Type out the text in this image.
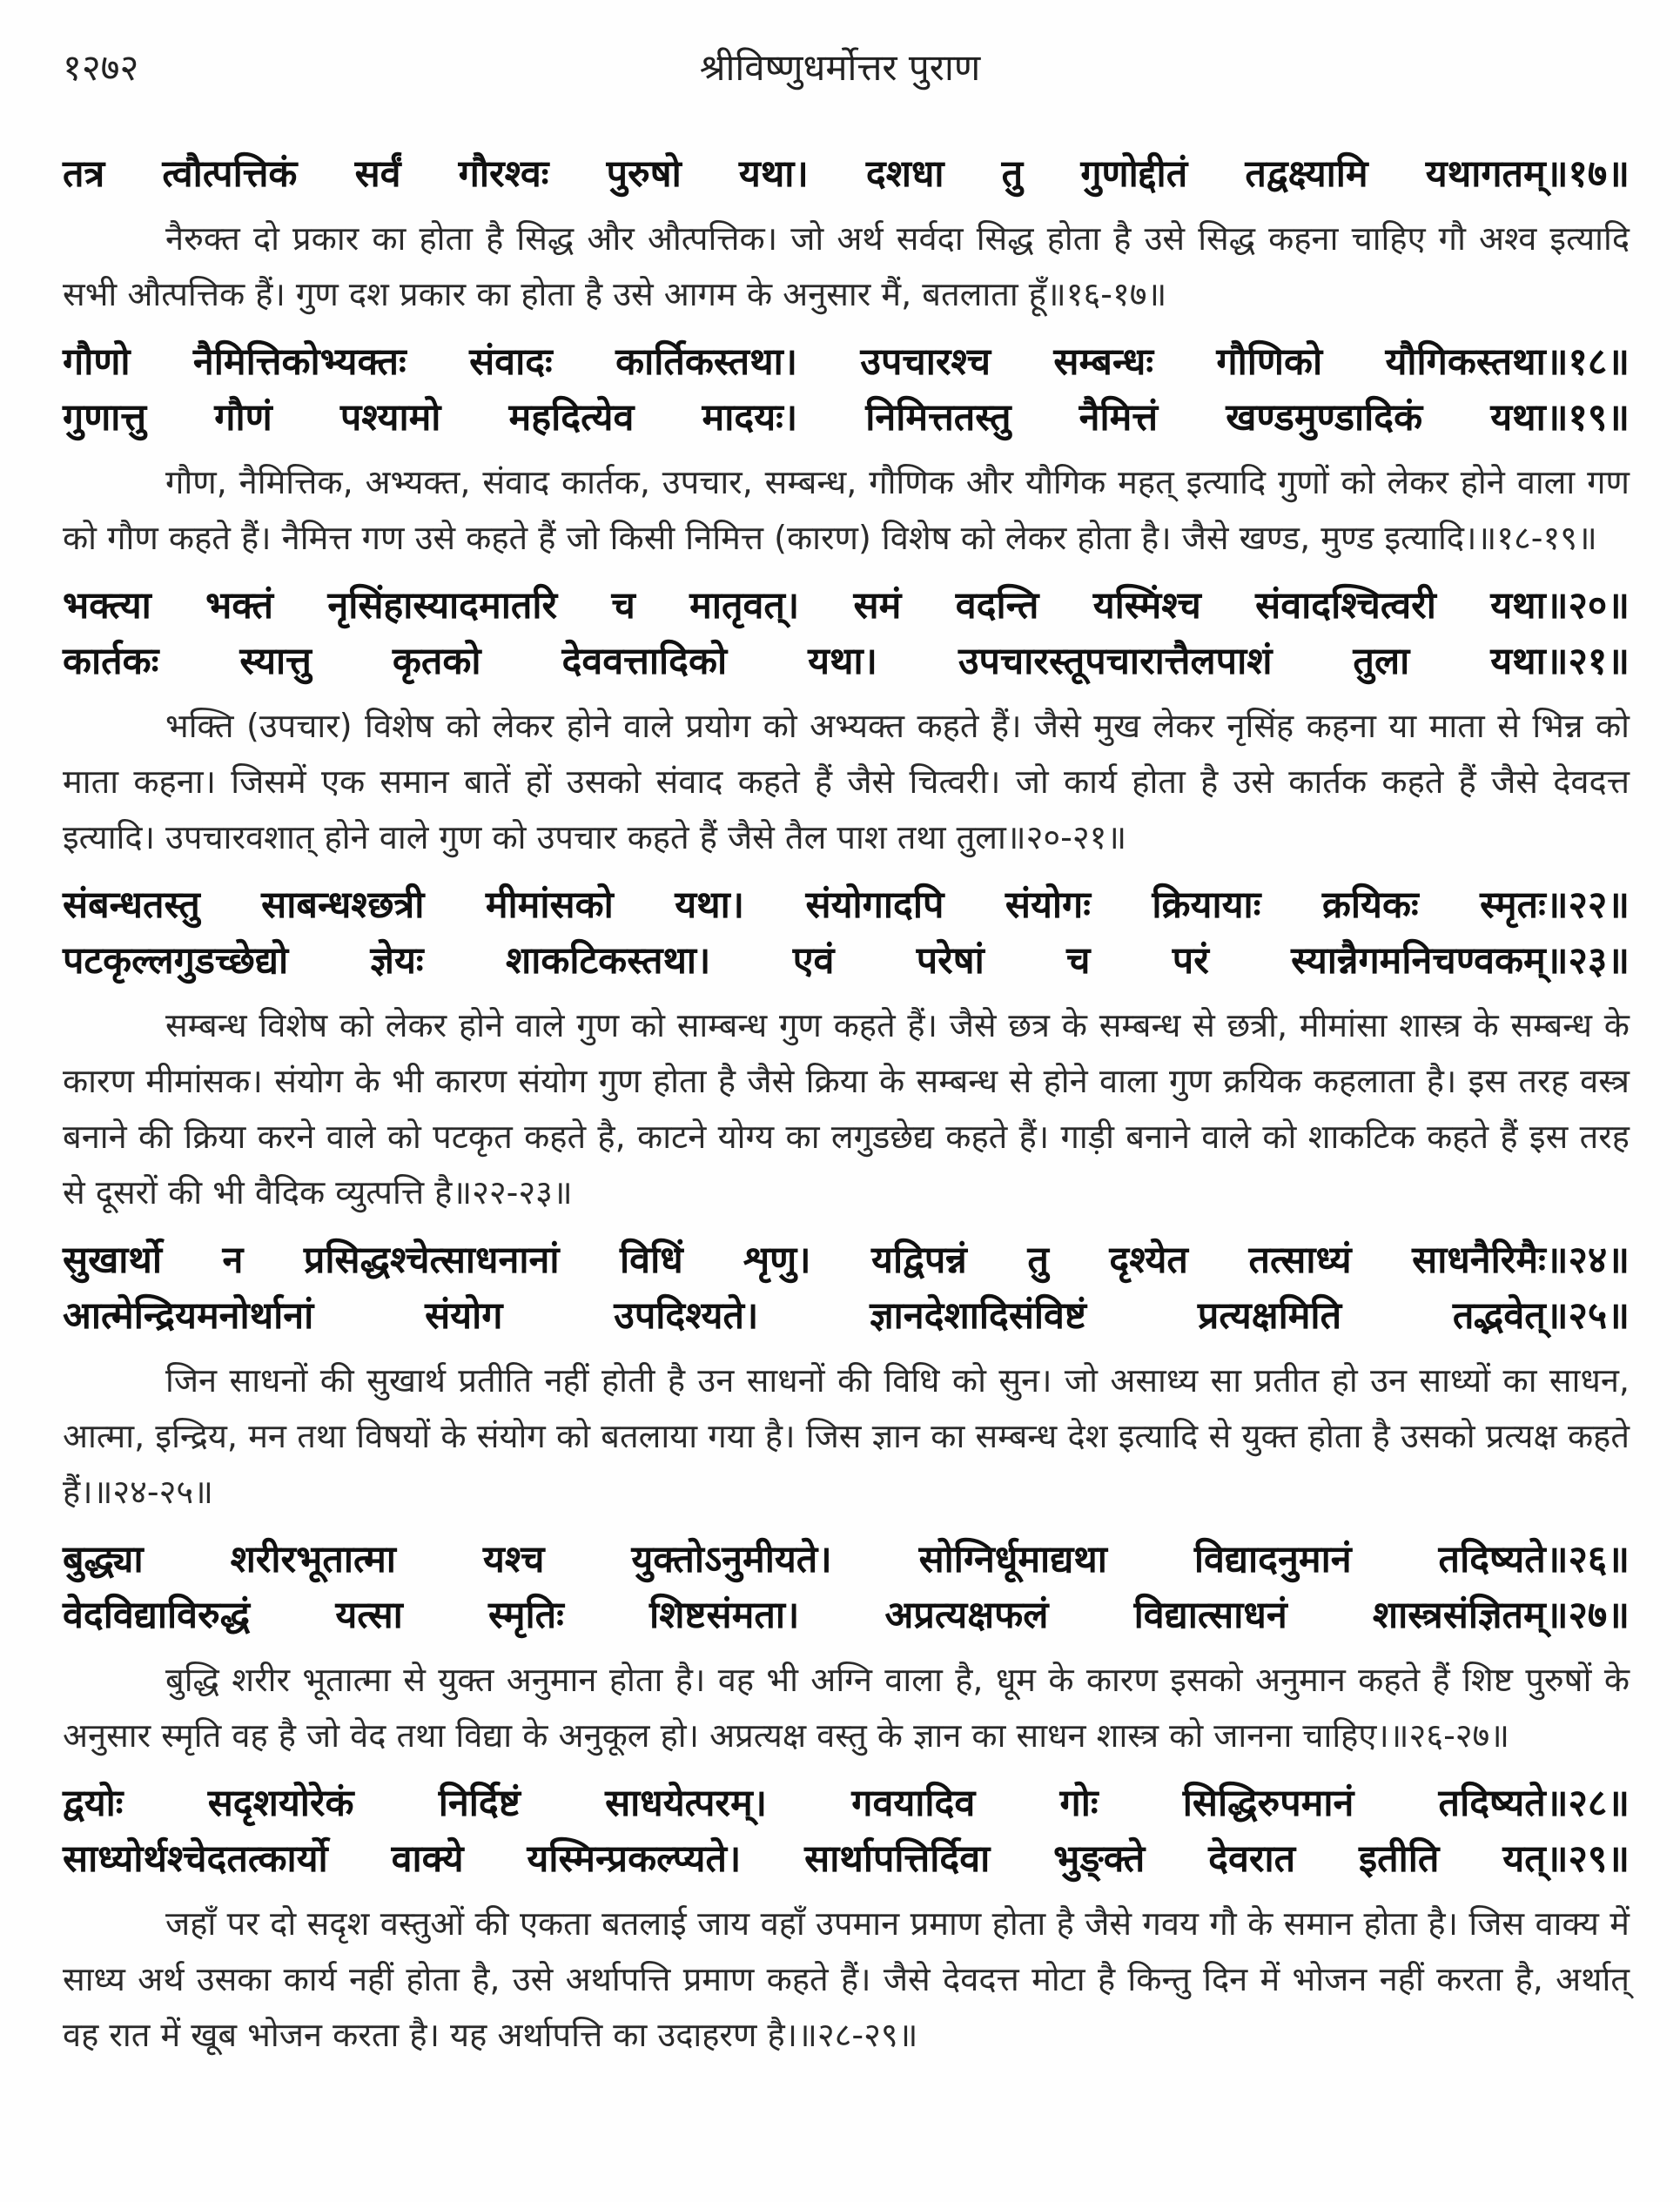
१२७२	श्रीविष्णुधर्मोत्तर पुराण

तत्र त्वौत्पत्तिकं सर्वं गौरश्वः पुरुषो यथा। दशधा तु गुणोद्दीतं तद्वक्ष्यामि यथागतम्॥१७॥

नैरुक्त दो प्रकार का होता है सिद्ध और औत्पत्तिक। जो अर्थ सर्वदा सिद्ध होता है उसे सिद्ध कहना चाहिए गौ अश्व इत्यादि सभी औत्पत्तिक हैं। गुण दश प्रकार का होता है उसे आगम के अनुसार मैं, बतलाता हूँ॥१६-१७॥

गौणो नैमित्तिकोभ्यक्तः संवादः कार्तिकस्तथा। उपचारश्च सम्बन्धः गौणिको यौगिकस्तथा॥१८॥

गुणात्तु गौणं पश्यामो महदित्येव मादयः। निमित्ततस्तु नैमित्तं खण्डमुण्डादिकं यथा॥१९॥

गौण, नैमित्तिक, अभ्यक्त, संवाद कार्तक, उपचार, सम्बन्ध, गौणिक और यौगिक महत् इत्यादि गुणों को लेकर होने वाला गण को गौण कहते हैं। नैमित्त गण उसे कहते हैं जो किसी निमित्त (कारण) विशेष को लेकर होता है। जैसे खण्ड, मुण्ड इत्यादि।॥१८-१९॥

भक्त्या भक्तं नृसिंहास्यादमातरि च मातृवत्। समं वदन्ति यस्मिंश्च संवादश्चित्वरी यथा॥२०॥

कार्तकः स्यात्तु कृतको देववत्तादिको यथा। उपचारस्तूपचारात्तैलपाशं तुला यथा॥२१॥

भक्ति (उपचार) विशेष को लेकर होने वाले प्रयोग को अभ्यक्त कहते हैं। जैसे मुख लेकर नृसिंह कहना या माता से भिन्न को माता कहना। जिसमें एक समान बातें हों उसको संवाद कहते हैं जैसे चित्वरी। जो कार्य होता है उसे कार्तक कहते हैं जैसे देवदत्त इत्यादि। उपचारवशात् होने वाले गुण को उपचार कहते हैं जैसे तैल पाश तथा तुला॥२०-२१॥

संबन्धतस्तु साबन्धश्छत्री मीमांसको यथा। संयोगादपि संयोगः क्रियायाः क्रयिकः स्मृतः॥२२॥

पटकृल्लगुडच्छेद्यो ज्ञेयः शाकटिकस्तथा। एवं परेषां च परं स्यान्नैगमनिचण्वकम्॥२३॥

सम्बन्ध विशेष को लेकर होने वाले गुण को साम्बन्ध गुण कहते हैं। जैसे छत्र के सम्बन्ध से छत्री, मीमांसा शास्त्र के सम्बन्ध के कारण मीमांसक। संयोग के भी कारण संयोग गुण होता है जैसे क्रिया के सम्बन्ध से होने वाला गुण क्रयिक कहलाता है। इस तरह वस्त्र बनाने की क्रिया करने वाले को पटकृत कहते है, काटने योग्य का लगुडछेद्य कहते हैं। गाड़ी बनाने वाले को शाकटिक कहते हैं इस तरह से दूसरों की भी वैदिक व्युत्पत्ति है॥२२-२३॥

सुखार्थो न प्रसिद्धश्चेत्साधनानां विधिं शृणु। यद्विपन्नं तु दृश्येत तत्साध्यं साधनैरिमैः॥२४॥

आत्मेन्द्रियमनोर्थानां संयोग उपदिश्यते। ज्ञानदेशादिसंविष्टं प्रत्यक्षमिति तद्भवेत्॥२५॥

जिन साधनों की सुखार्थ प्रतीति नहीं होती है उन साधनों की विधि को सुन। जो असाध्य सा प्रतीत हो उन साध्यों का साधन, आत्मा, इन्द्रिय, मन तथा विषयों के संयोग को बतलाया गया है। जिस ज्ञान का सम्बन्ध देश इत्यादि से युक्त होता है उसको प्रत्यक्ष कहते हैं।॥२४-२५॥

बुद्ध्या शरीरभूतात्मा यश्च युक्तोऽनुमीयते। सोग्निर्धूमाद्यथा विद्यादनुमानं तदिष्यते॥२६॥

वेदविद्याविरुद्धं यत्सा स्मृतिः शिष्टसंमता। अप्रत्यक्षफलं विद्यात्साधनं शास्त्रसंज्ञितम्॥२७॥

बुद्धि शरीर भूतात्मा से युक्त अनुमान होता है। वह भी अग्नि वाला है, धूम के कारण इसको अनुमान कहते हैं शिष्ट पुरुषों के अनुसार स्मृति वह है जो वेद तथा विद्या के अनुकूल हो। अप्रत्यक्ष वस्तु के ज्ञान का साधन शास्त्र को जानना चाहिए।॥२६-२७॥

द्वयोः सदृशयोरेकं निर्दिष्टं साधयेत्परम्। गवयादिव गोः सिद्धिरुपमानं तदिष्यते॥२८॥

साध्योर्थश्चेदतत्कार्यो वाक्ये यस्मिन्प्रकल्प्यते। सार्थापत्तिर्दिवा भुङ्क्ते देवरात इतीति यत्॥२९॥

जहाँ पर दो सदृश वस्तुओं की एकता बतलाई जाय वहाँ उपमान प्रमाण होता है जैसे गवय गौ के समान होता है। जिस वाक्य में साध्य अर्थ उसका कार्य नहीं होता है, उसे अर्थापत्ति प्रमाण कहते हैं। जैसे देवदत्त मोटा है किन्तु दिन में भोजन नहीं करता है, अर्थात् वह रात में खूब भोजन करता है। यह अर्थापत्ति का उदाहरण है।॥२८-२९॥
